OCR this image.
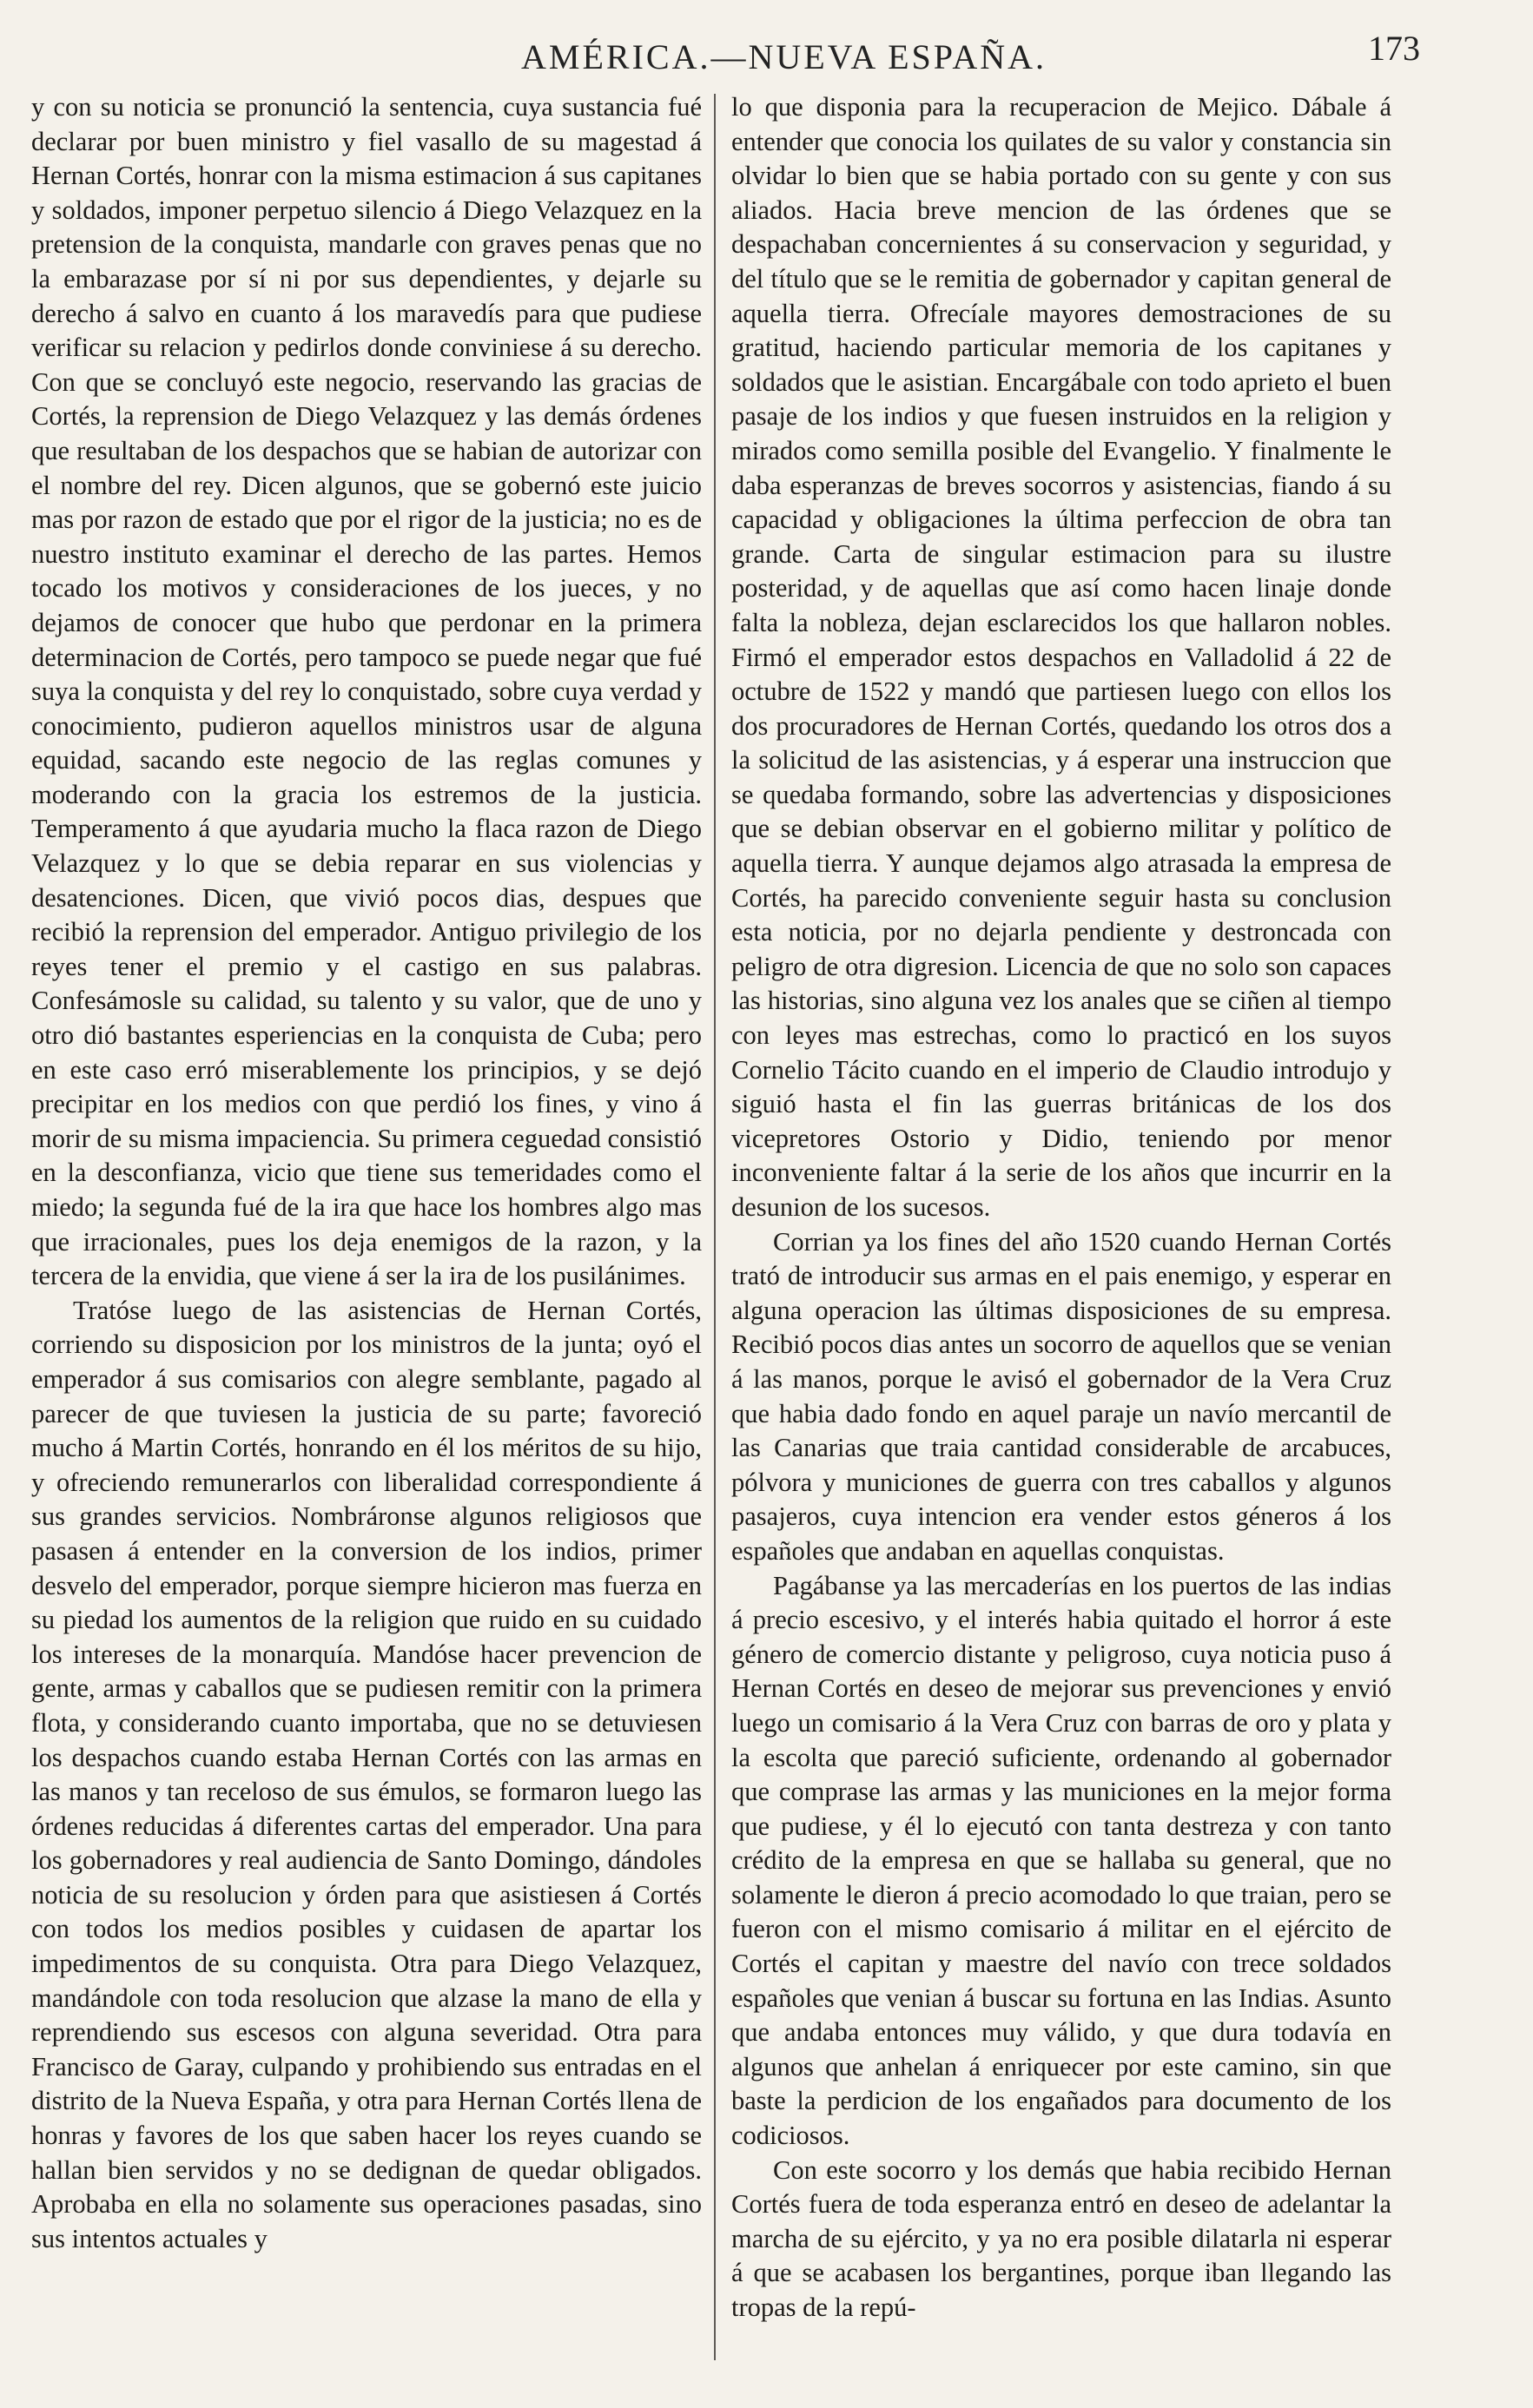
AMÉRICA.—NUEVA ESPAÑA.	173

y con su noticia se pronunció la sentencia, cuya sustancia fué declarar por buen ministro y fiel vasallo de su magestad á Hernan Cortés, honrar con la misma estimacion á sus capitanes y soldados, imponer perpetuo silencio á Diego Velazquez en la pretension de la conquista, mandarle con graves penas que no la embarazase por sí ni por sus dependientes, y dejarle su derecho á salvo en cuanto á los maravedís para que pudiese verificar su relacion y pedirlos donde conviniese á su derecho. Con que se concluyó este negocio, reservando las gracias de Cortés, la reprension de Diego Velazquez y las demás órdenes que resultaban de los despachos que se habian de autorizar con el nombre del rey. Dicen algunos, que se gobernó este juicio mas por razon de estado que por el rigor de la justicia; no es de nuestro instituto examinar el derecho de las partes. Hemos tocado los motivos y consideraciones de los jueces, y no dejamos de conocer que hubo que perdonar en la primera determinacion de Cortés, pero tampoco se puede negar que fué suya la conquista y del rey lo conquistado, sobre cuya verdad y conocimiento, pudieron aquellos ministros usar de alguna equidad, sacando este negocio de las reglas comunes y moderando con la gracia los estremos de la justicia. Temperamento á que ayudaria mucho la flaca razon de Diego Velazquez y lo que se debia reparar en sus violencias y desatenciones. Dicen, que vivió pocos dias, despues que recibió la reprension del emperador. Antiguo privilegio de los reyes tener el premio y el castigo en sus palabras. Confesámosle su calidad, su talento y su valor, que de uno y otro dió bastantes esperiencias en la conquista de Cuba; pero en este caso erró miserablemente los principios, y se dejó precipitar en los medios con que perdió los fines, y vino á morir de su misma impaciencia. Su primera ceguedad consistió en la desconfianza, vicio que tiene sus temeridades como el miedo; la segunda fué de la ira que hace los hombres algo mas que irracionales, pues los deja enemigos de la razon, y la tercera de la envidia, que viene á ser la ira de los pusilánimes.

Tratóse luego de las asistencias de Hernan Cortés, corriendo su disposicion por los ministros de la junta; oyó el emperador á sus comisarios con alegre semblante, pagado al parecer de que tuviesen la justicia de su parte; favoreció mucho á Martin Cortés, honrando en él los méritos de su hijo, y ofreciendo remunerarlos con liberalidad correspondiente á sus grandes servicios. Nombráronse algunos religiosos que pasasen á entender en la conversion de los indios, primer desvelo del emperador, porque siempre hicieron mas fuerza en su piedad los aumentos de la religion que ruido en su cuidado los intereses de la monarquía. Mandóse hacer prevencion de gente, armas y caballos que se pudiesen remitir con la primera flota, y considerando cuanto importaba, que no se detuviesen los despachos cuando estaba Hernan Cortés con las armas en las manos y tan receloso de sus émulos, se formaron luego las órdenes reducidas á diferentes cartas del emperador. Una para los gobernadores y real audiencia de Santo Domingo, dándoles noticia de su resolucion y órden para que asistiesen á Cortés con todos los medios posibles y cuidasen de apartar los impedimentos de su conquista. Otra para Diego Velazquez, mandándole con toda resolucion que alzase la mano de ella y reprendiendo sus escesos con alguna severidad. Otra para Francisco de Garay, culpando y prohibiendo sus entradas en el distrito de la Nueva España, y otra para Hernan Cortés llena de honras y favores de los que saben hacer los reyes cuando se hallan bien servidos y no se dedignan de quedar obligados. Aprobaba en ella no solamente sus operaciones pasadas, sino sus intentos actuales y

lo que disponia para la recuperacion de Mejico. Dábale á entender que conocia los quilates de su valor y constancia sin olvidar lo bien que se habia portado con su gente y con sus aliados. Hacia breve mencion de las órdenes que se despachaban concernientes á su conservacion y seguridad, y del título que se le remitia de gobernador y capitan general de aquella tierra. Ofrecíale mayores demostraciones de su gratitud, haciendo particular memoria de los capitanes y soldados que le asistian. Encargábale con todo aprieto el buen pasaje de los indios y que fuesen instruidos en la religion y mirados como semilla posible del Evangelio. Y finalmente le daba esperanzas de breves socorros y asistencias, fiando á su capacidad y obligaciones la última perfeccion de obra tan grande. Carta de singular estimacion para su ilustre posteridad, y de aquellas que así como hacen linaje donde falta la nobleza, dejan esclarecidos los que hallaron nobles. Firmó el emperador estos despachos en Valladolid á 22 de octubre de 1522 y mandó que partiesen luego con ellos los dos procuradores de Hernan Cortés, quedando los otros dos a la solicitud de las asistencias, y á esperar una instruccion que se quedaba formando, sobre las advertencias y disposiciones que se debian observar en el gobierno militar y político de aquella tierra. Y aunque dejamos algo atrasada la empresa de Cortés, ha parecido conveniente seguir hasta su conclusion esta noticia, por no dejarla pendiente y destroncada con peligro de otra digresion. Licencia de que no solo son capaces las historias, sino alguna vez los anales que se ciñen al tiempo con leyes mas estrechas, como lo practicó en los suyos Cornelio Tácito cuando en el imperio de Claudio introdujo y siguió hasta el fin las guerras británicas de los dos vicepretores Ostorio y Didio, teniendo por menor inconveniente faltar á la serie de los años que incurrir en la desunion de los sucesos.

Corrian ya los fines del año 1520 cuando Hernan Cortés trató de introducir sus armas en el pais enemigo, y esperar en alguna operacion las últimas disposiciones de su empresa. Recibió pocos dias antes un socorro de aquellos que se venian á las manos, porque le avisó el gobernador de la Vera Cruz que habia dado fondo en aquel paraje un navío mercantil de las Canarias que traia cantidad considerable de arcabuces, pólvora y municiones de guerra con tres caballos y algunos pasajeros, cuya intencion era vender estos géneros á los españoles que andaban en aquellas conquistas.

Pagábanse ya las mercaderías en los puertos de las indias á precio escesivo, y el interés habia quitado el horror á este género de comercio distante y peligroso, cuya noticia puso á Hernan Cortés en deseo de mejorar sus prevenciones y envió luego un comisario á la Vera Cruz con barras de oro y plata y la escolta que pareció suficiente, ordenando al gobernador que comprase las armas y las municiones en la mejor forma que pudiese, y él lo ejecutó con tanta destreza y con tanto crédito de la empresa en que se hallaba su general, que no solamente le dieron á precio acomodado lo que traian, pero se fueron con el mismo comisario á militar en el ejército de Cortés el capitan y maestre del navío con trece soldados españoles que venian á buscar su fortuna en las Indias. Asunto que andaba entonces muy válido, y que dura todavía en algunos que anhelan á enriquecer por este camino, sin que baste la perdicion de los engañados para documento de los codiciosos.

Con este socorro y los demás que habia recibido Hernan Cortés fuera de toda esperanza entró en deseo de adelantar la marcha de su ejército, y ya no era posible dilatarla ni esperar á que se acabasen los bergantines, porque iban llegando las tropas de la repú-
